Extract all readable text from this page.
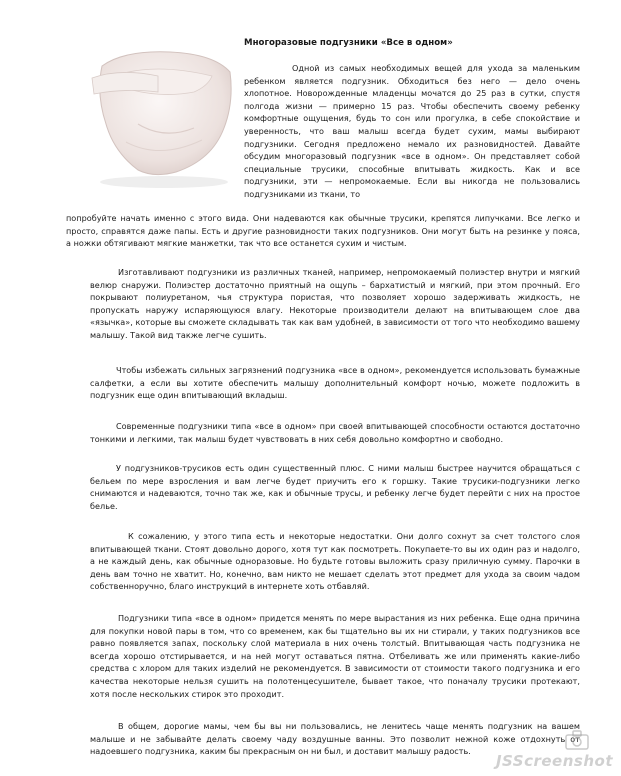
Многоразовые подгузники «Все в одном»

Одной из самых необходимых вещей для ухода за маленьким ребенком является подгузник. Обходиться без него — дело очень хлопотное. Новорожденные младенцы мочатся до 25 раз в сутки, спустя полгода жизни — примерно 15 раз. Чтобы обеспечить своему ребенку комфортные ощущения, будь то сон или прогулка, в себе спокойствие и уверенность, что ваш малыш всегда будет сухим, мамы выбирают подгузники. Сегодня предложено немало их разновидностей. Давайте обсудим многоразовый подгузник «все в одном». Он представляет собой специальные трусики, способные впитывать жидкость. Как и все подгузники, эти — непромокаемые. Если вы никогда не пользовались подгузниками из ткани, то

попробуйте начать именно с этого вида. Они надеваются как обычные трусики, крепятся липучками. Все легко и просто, справятся даже папы. Есть и другие разновидности таких подгузников. Они могут быть на резинке у пояса, а ножки обтягивают мягкие манжетки, так что все останется сухим и чистым.

Изготавливают подгузники из различных тканей, например, непромокаемый полиэстер внутри и мягкий велюр снаружи. Полиэстер достаточно приятный на ощупь – бархатистый и мягкий, при этом прочный. Его покрывают полиуретаном, чья структура пористая, что позволяет хорошо задерживать жидкость, не пропускать наружу испаряющуюся влагу. Некоторые производители делают на впитывающем слое два «язычка», которые вы сможете складывать так как вам удобней, в зависимости от того что необходимо вашему малышу. Такой вид также легче сушить.

Чтобы избежать сильных загрязнений подгузника «все в одном», рекомендуется использовать бумажные салфетки, а если вы хотите обеспечить малышу дополнительный комфорт ночью, можете подложить в подгузник еще один впитывающий вкладыш.

Современные подгузники типа «все в одном» при своей впитывающей способности остаются достаточно тонкими и легкими, так малыш будет чувствовать в них себя довольно комфортно и свободно.

У подгузников-трусиков есть один существенный плюс. С ними малыш быстрее научится обращаться с бельем по мере взросления и вам легче будет приучить его к горшку. Такие трусики-подгузники легко снимаются и надеваются, точно так же, как и обычные трусы, и ребенку легче будет перейти с них на простое белье.

К сожалению, у этого типа есть и некоторые недостатки. Они долго сохнут за счет толстого слоя впитывающей ткани. Стоят довольно дорого, хотя тут как посмотреть. Покупаете-то вы их один раз и надолго, а не каждый день, как обычные одноразовые. Но будьте готовы выложить сразу приличную сумму. Парочки в день вам точно не хватит. Но, конечно, вам никто не мешает сделать этот предмет для ухода за своим чадом собственноручно, благо инструкций в интернете хоть отбавляй.

Подгузники типа «все в одном» придется менять по мере вырастания из них ребенка. Еще одна причина для покупки новой пары в том, что со временем, как бы тщательно вы их ни стирали, у таких подгузников все равно появляется запах, поскольку слой материала в них очень толстый. Впитывающая часть подгузника не всегда хорошо отстирывается, и на ней могут оставаться пятна. Отбеливать же или применять какие-либо средства с хлором для таких изделий не рекомендуется. В зависимости от стоимости такого подгузника и его качества некоторые нельзя сушить на полотенцесушителе, бывает такое, что поначалу трусики протекают, хотя после нескольких стирок это проходит.

В общем, дорогие мамы, чем бы вы ни пользовались, не ленитесь чаще менять подгузник на вашем малыше и не забывайте делать своему чаду воздушные ванны. Это позволит нежной коже отдохнуть от надоевшего подгузника, каким бы прекрасным он ни был, и доставит малышу радость.

JSScreenshot
